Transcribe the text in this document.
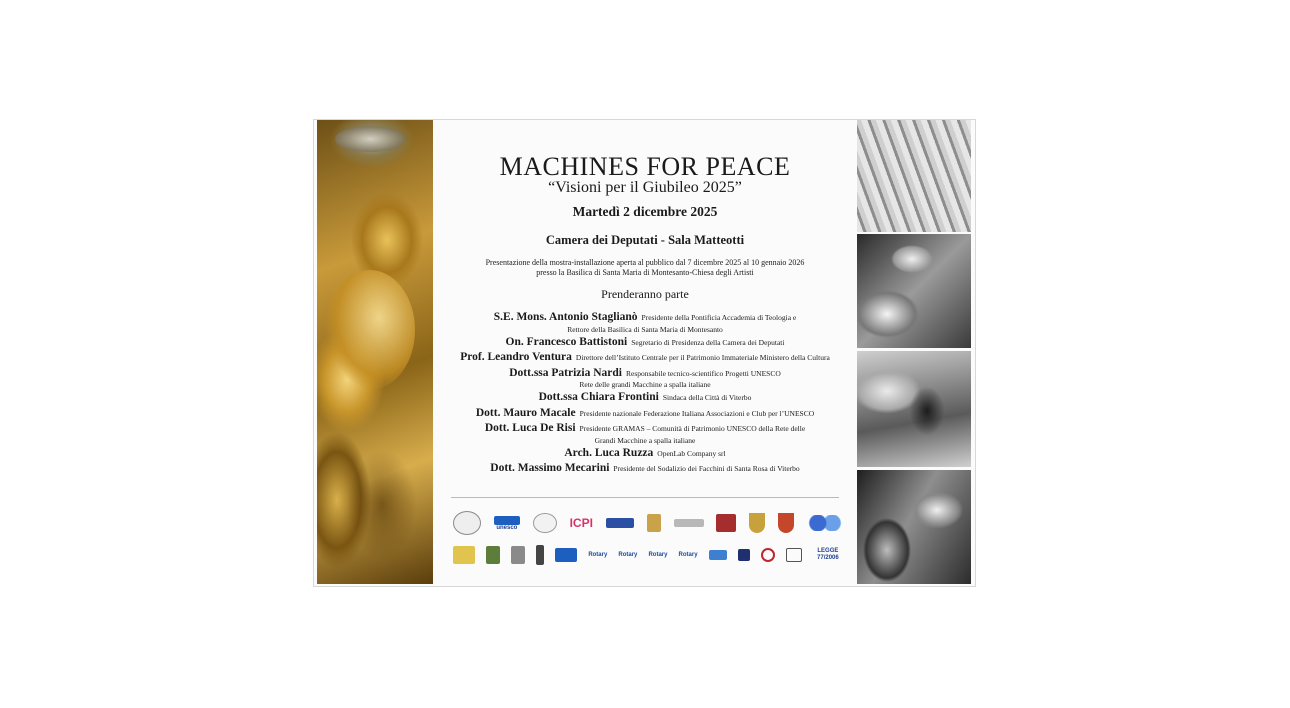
MACHINES FOR PEACE
“Visioni per il Giubileo 2025”
Martedì 2 dicembre 2025
Camera dei Deputati - Sala Matteotti
Presentazione della mostra-installazione aperta al pubblico dal 7 dicembre 2025 al 10 gennaio 2026
presso la Basilica di Santa Maria di Montesanto-Chiesa degli Artisti
Prenderanno parte
S.E. Mons. Antonio Staglianò Presidente della Pontificia Accademia di Teologia e
Rettore della Basilica di Santa Maria di Montesanto
On. Francesco Battistoni Segretario di Presidenza della Camera dei Deputati
Prof. Leandro Ventura Direttore dell’Istituto Centrale per il Patrimonio Immateriale Ministero della Cultura
Dott.ssa Patrizia Nardi Responsabile tecnico-scientifico Progetti UNESCO
Rete delle grandi Macchine a spalla italiane
Dott.ssa Chiara Frontini Sindaca della Città di Viterbo
Dott. Mauro Macale Presidente nazionale Federazione Italiana Associazioni e Club per l’UNESCO
Dott. Luca De Risi Presidente GRAMAS – Comunità di Patrimonio UNESCO della Rete delle
Grandi Macchine a spalla italiane
Arch. Luca Ruzza OpenLab Company srl
Dott. Massimo Mecarini Presidente del Sodalizio dei Facchini di Santa Rosa di Viterbo
unesco	ICPI
Rotary Rotary Rotary Rotary
LEGGE 77/2006
